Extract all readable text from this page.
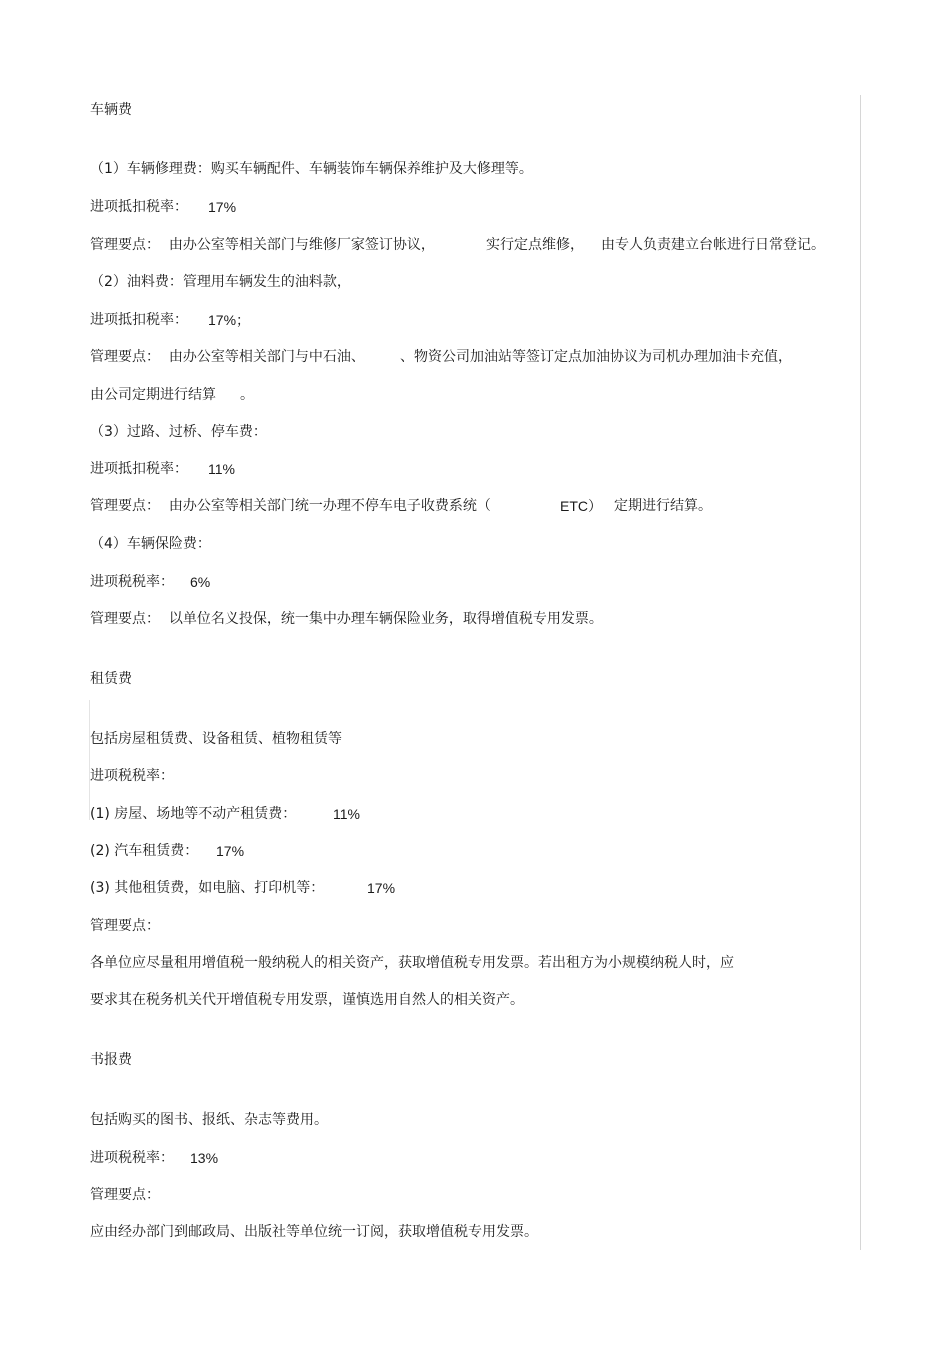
车辆费
（1）车辆修理费：购买车辆配件、车辆装饰车辆保养维护及大修理等。
进项抵扣税率： 17%
管理要点：  由办公室等相关部门与维修厂家签订协议，	实行定点维修， 由专人负责建立台帐进行日常登记。
（2）油料费：管理用车辆发生的油料款，
进项抵扣税率： 17%；
管理要点：  由办公室等相关部门与中石油、	、物资公司加油站等签订定点加油协议为司机办理加油卡充值，
由公司定期进行结算 。
（3）过路、过桥、停车费：
进项抵扣税率： 11%
管理要点：  由办公室等相关部门统一办理不停车电子收费系统（	ETC） 定期进行结算。
（4）车辆保险费：
进项税税率： 6%
管理要点：  以单位名义投保，统一集中办理车辆保险业务，取得增值税专用发票。
租赁费
包括房屋租赁费、设备租赁、植物租赁等
进项税税率：
(1) 房屋、场地等不动产租赁费：	11%
(2) 汽车租赁费： 17%
(3) 其他租赁费，如电脑、打印机等：	17%
管理要点：
各单位应尽量租用增值税一般纳税人的相关资产，获取增值税专用发票。若出租方为小规模纳税人时，应
要求其在税务机关代开增值税专用发票，谨慎选用自然人的相关资产。
书报费
包括购买的图书、报纸、杂志等费用。
进项税税率： 13%
管理要点：
应由经办部门到邮政局、出版社等单位统一订阅，获取增值税专用发票。
